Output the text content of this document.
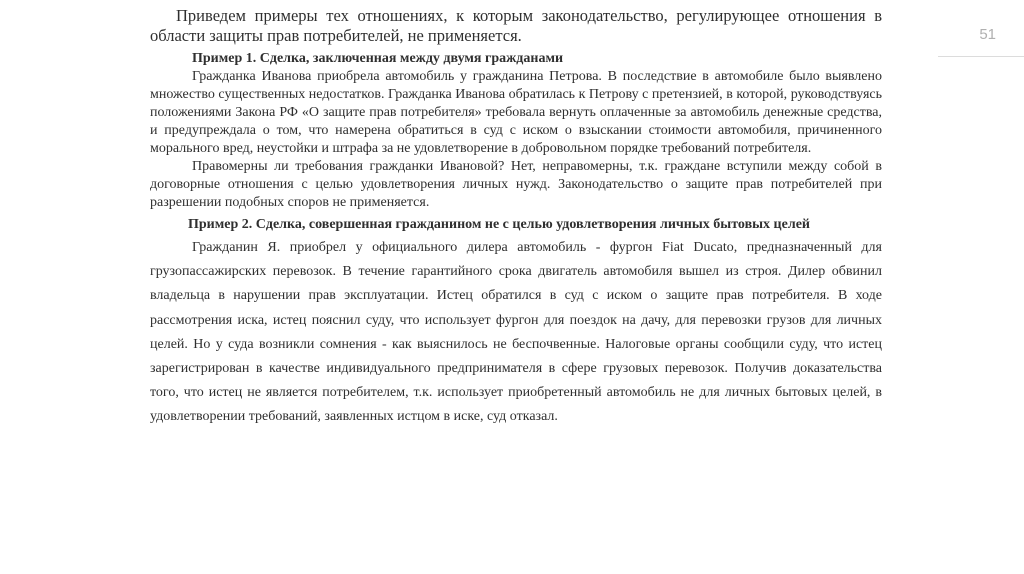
51

Приведем примеры тех отношениях, к которым законодательство, регулирующее отношения в области защиты прав потребителей, не применяется.

Пример 1. Сделка, заключенная между двумя гражданами

Гражданка Иванова приобрела автомобиль у гражданина Петрова. В последствие в автомобиле было выявлено множество существенных недостатков. Гражданка Иванова обратилась к Петрову с претензией, в которой, руководствуясь положениями Закона РФ «О защите прав потребителя» требовала вернуть оплаченные за автомобиль денежные средства, и предупреждала о том, что намерена обратиться в суд с иском о взыскании стоимости автомобиля, причиненного морального вред, неустойки и штрафа за не удовлетворение в добровольном порядке требований потребителя.

Правомерны ли требования гражданки Ивановой? Нет, неправомерны, т.к. граждане вступили между собой в договорные отношения с целью удовлетворения личных нужд. Законодательство о защите прав потребителей при разрешении подобных споров не применяется.

Пример 2. Сделка, совершенная гражданином не с целью удовлетворения личных бытовых целей

Гражданин Я. приобрел у официального дилера автомобиль - фургон Fiat Ducato, предназначенный для грузопассажирских перевозок. В течение гарантийного срока двигатель автомобиля вышел из строя. Дилер обвинил владельца в нарушении прав эксплуатации. Истец обратился в суд с иском о защите прав потребителя. В ходе рассмотрения иска, истец пояснил суду, что использует фургон для поездок на дачу, для перевозки грузов для личных целей. Но у суда возникли сомнения - как выяснилось не беспочвенные. Налоговые органы сообщили суду, что истец зарегистрирован в качестве индивидуального предпринимателя в сфере грузовых перевозок. Получив доказательства того, что истец не является потребителем, т.к. использует приобретенный автомобиль не для личных бытовых целей, в удовлетворении требований, заявленных истцом в иске, суд отказал.
